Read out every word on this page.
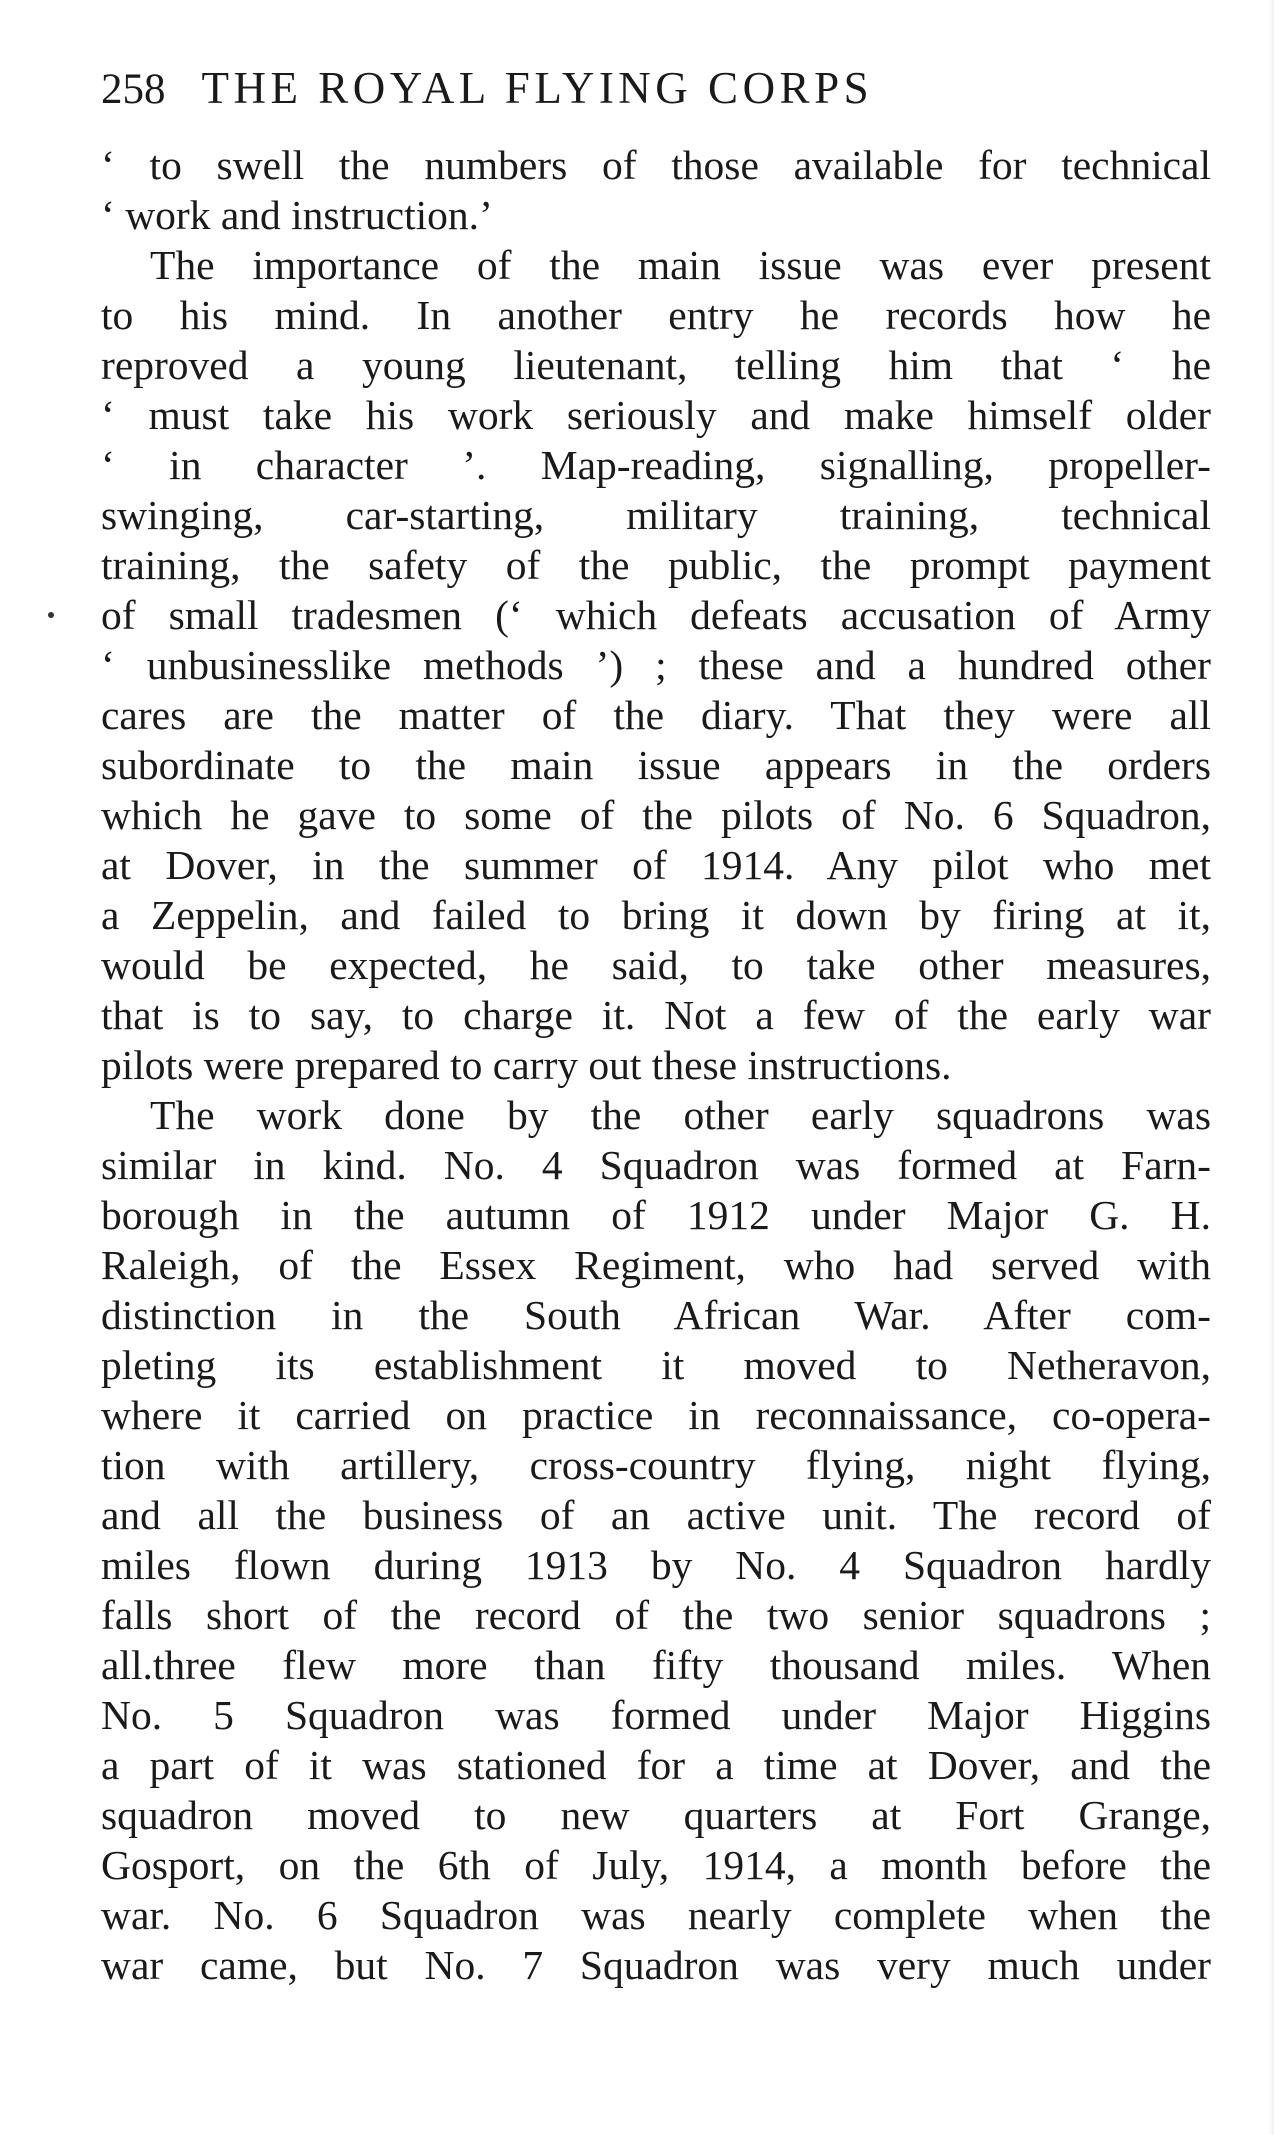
258 THE ROYAL FLYING CORPS
‘ to swell the numbers of those available for technical
‘ work and instruction.’
The importance of the main issue was ever present
to his mind. In another entry he records how he
reproved a young lieutenant, telling him that ‘ he
‘ must take his work seriously and make himself older
‘ in character ’. Map-reading, signalling, propeller-
swinging, car-starting, military training, technical
training, the safety of the public, the prompt payment
of small tradesmen (‘ which defeats accusation of Army
‘ unbusinesslike methods ’) ; these and a hundred other
cares are the matter of the diary. That they were all
subordinate to the main issue appears in the orders
which he gave to some of the pilots of No. 6 Squadron,
at Dover, in the summer of 1914. Any pilot who met
a Zeppelin, and failed to bring it down by firing at it,
would be expected, he said, to take other measures,
that is to say, to charge it. Not a few of the early war
pilots were prepared to carry out these instructions.
The work done by the other early squadrons was
similar in kind. No. 4 Squadron was formed at Farn-
borough in the autumn of 1912 under Major G. H.
Raleigh, of the Essex Regiment, who had served with
distinction in the South African War. After com-
pleting its establishment it moved to Netheravon,
where it carried on practice in reconnaissance, co-opera-
tion with artillery, cross-country flying, night flying,
and all the business of an active unit. The record of
miles flown during 1913 by No. 4 Squadron hardly
falls short of the record of the two senior squadrons ;
all.three flew more than fifty thousand miles. When
No. 5 Squadron was formed under Major Higgins
a part of it was stationed for a time at Dover, and the
squadron moved to new quarters at Fort Grange,
Gosport, on the 6th of July, 1914, a month before the
war. No. 6 Squadron was nearly complete when the
war came, but No. 7 Squadron was very much under
